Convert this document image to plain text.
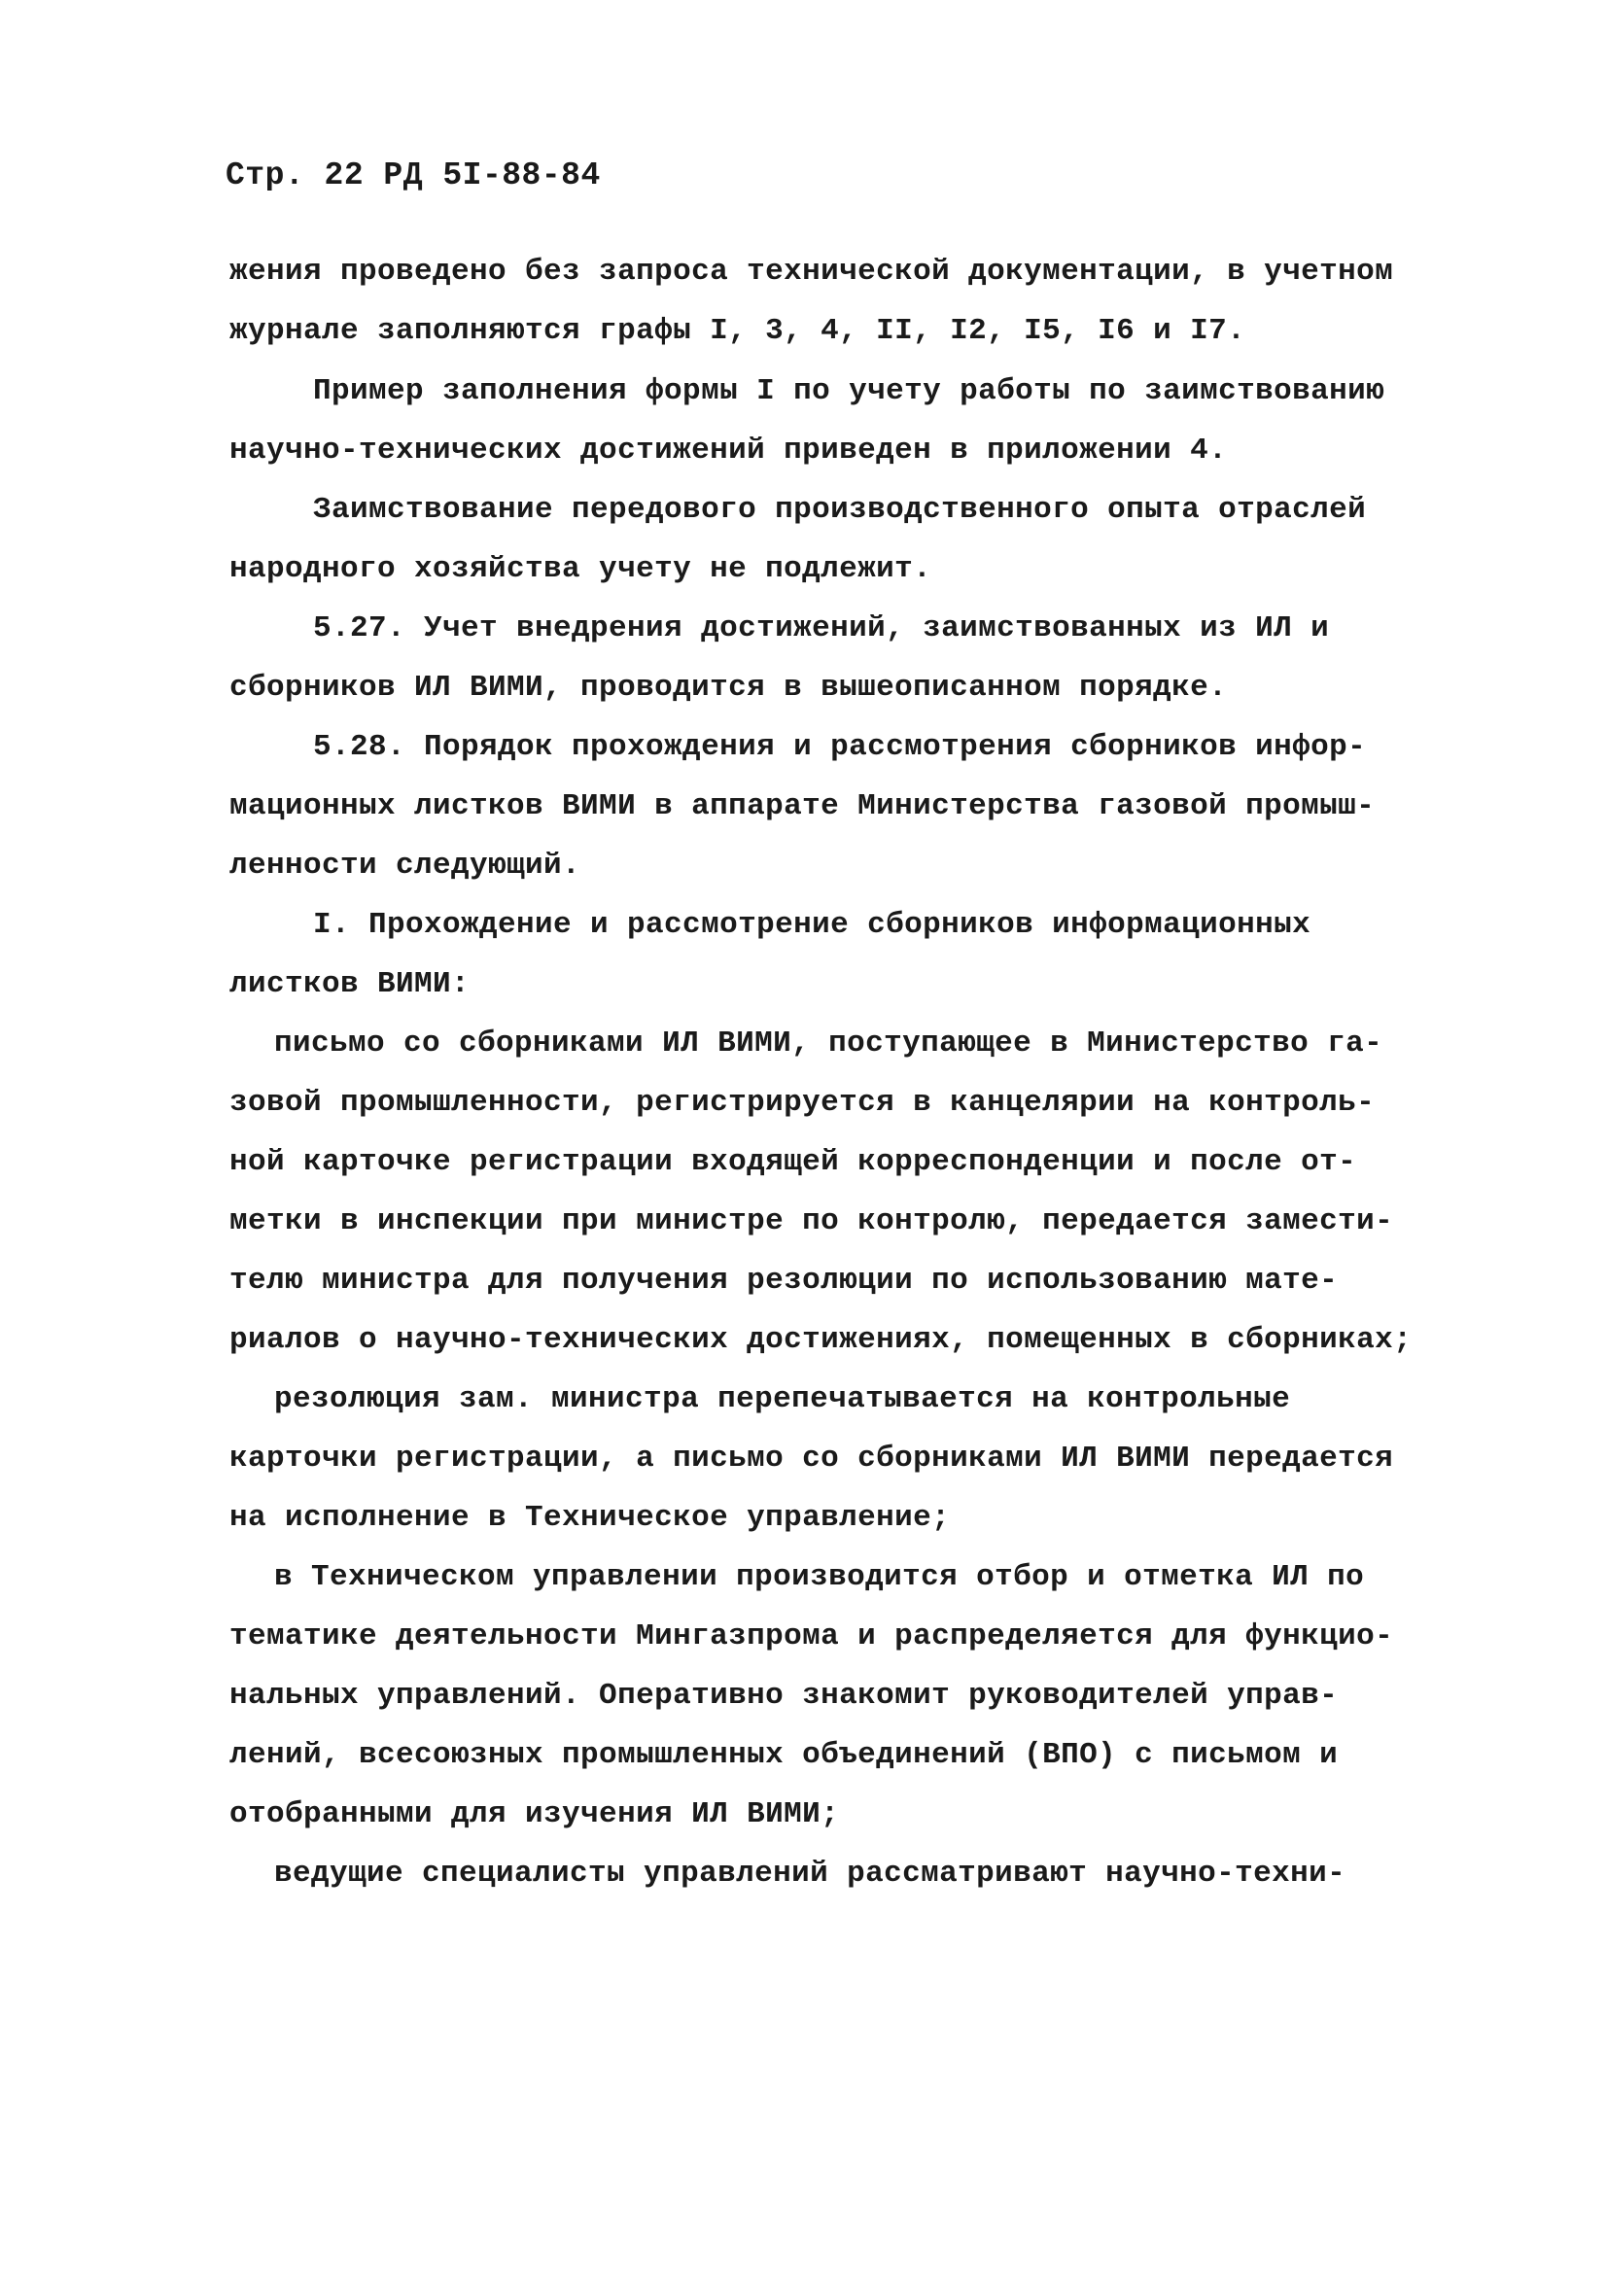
Стр. 22 РД 5I-88-84
жения проведено без запроса технической документации, в учетном
журнале заполняются графы I, 3, 4, II, I2, I5, I6 и I7.
Пример заполнения формы I по учету работы по заимствованию
научно-технических достижений приведен в приложении 4.
Заимствование передового производственного опыта отраслей
народного хозяйства учету не подлежит.
5.27. Учет внедрения достижений, заимствованных из ИЛ и
сборников ИЛ ВИМИ, проводится в вышеописанном порядке.
5.28. Порядок прохождения и рассмотрения сборников инфор-
мационных листков ВИМИ в аппарате Министерства газовой промыш-
ленности следующий.
I. Прохождение и рассмотрение сборников информационных
листков ВИМИ:
письмо со сборниками ИЛ ВИМИ, поступающее в Министерство га-
зовой промышленности, регистрируется в канцелярии на контроль-
ной карточке регистрации входящей корреспонденции и после от-
метки в инспекции при министре по контролю, передается замести-
телю министра для получения резолюции по использованию мате-
риалов о научно-технических достижениях, помещенных в сборниках;
резолюция зам. министра перепечатывается на контрольные
карточки регистрации, а письмо со сборниками ИЛ ВИМИ передается
на исполнение в Техническое управление;
в Техническом управлении производится отбор и отметка ИЛ по
тематике деятельности Мингазпрома и распределяется для функцио-
нальных управлений. Оперативно знакомит руководителей управ-
лений, всесоюзных промышленных объединений (ВПО) с письмом и
отобранными для изучения ИЛ ВИМИ;
ведущие специалисты управлений рассматривают научно-техни-
